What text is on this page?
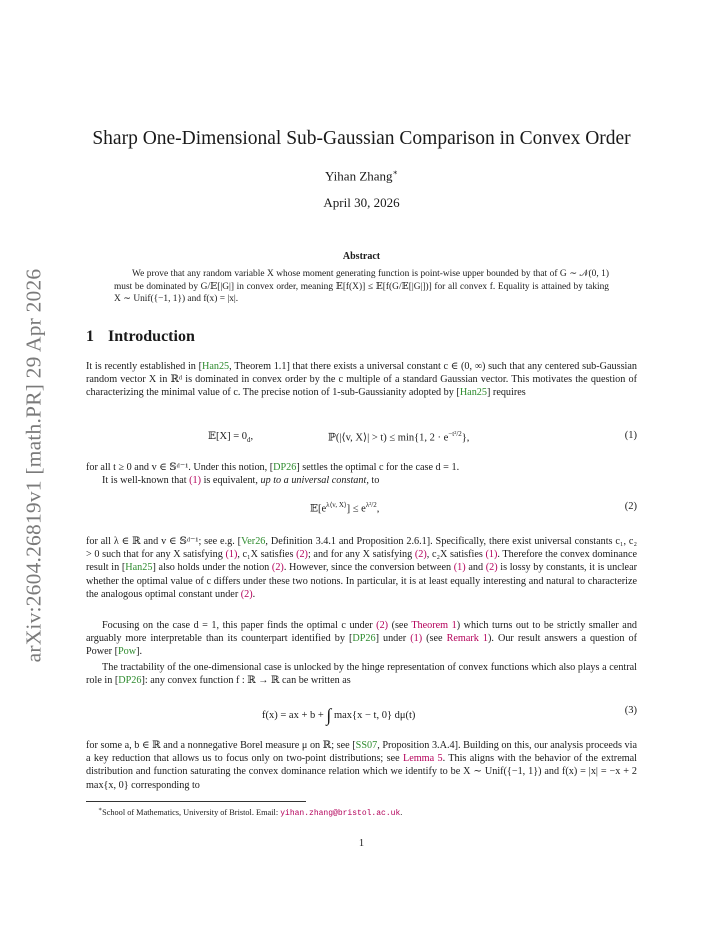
arXiv:2604.26819v1 [math.PR] 29 Apr 2026
Sharp One-Dimensional Sub-Gaussian Comparison in Convex Order
Yihan Zhang∗
April 30, 2026
Abstract
We prove that any random variable X whose moment generating function is point-wise upper bounded by that of G ∼ 𝒩(0, 1) must be dominated by G/𝔼[|G|] in convex order, meaning 𝔼[f(X)] ≤ 𝔼[f(G/𝔼[|G|])] for all convex f. Equality is attained by taking X ∼ Unif({−1, 1}) and f(x) = |x|.
1 Introduction

It is recently established in [Han25, Theorem 1.1] that there exists a universal constant c ∈ (0, ∞) such that any centered sub-Gaussian random vector X in ℝᵈ is dominated in convex order by the c multiple of a standard Gaussian vector. This motivates the question of characterizing the minimal value of c. The precise notion of 1-sub-Gaussianity adopted by [Han25] requires

𝔼[X] = $0_d$,	ℙ(|⟨v, X⟩| > t) ≤ min{1, $2 \cdot e^{-t^2/2}$},	(1)

for all t ≥ 0 and v ∈ 𝕊ᵈ⁻¹. Under this notion, [DP26] settles the optimal c for the case d = 1.

It is well-known that (1) is equivalent, up to a universal constant, to

$𝔼[e^{\lambda⟨v, X⟩}] \le e^{\lambda^2/2}$,	(2)

for all λ ∈ ℝ and v ∈ 𝕊ᵈ⁻¹; see e.g. [Ver26, Definition 3.4.1 and Proposition 2.6.1]. Specifically, there exist universal constants c₁, c₂ > 0 such that for any X satisfying (1), c₁X satisfies (2); and for any X satisfying (2), c₂X satisfies (1). Therefore the convex dominance result in [Han25] also holds under the notion (2). However, since the conversion between (1) and (2) is lossy by constants, it is unclear whether the optimal value of c differs under these two notions. In particular, it is at least equally interesting and natural to characterize the analogous optimal constant under (2).

Focusing on the case d = 1, this paper finds the optimal c under (2) (see Theorem 1) which turns out to be strictly smaller and arguably more interpretable than its counterpart identified by [DP26] under (1) (see Remark 1). Our result answers a question of Power [Pow].

The tractability of the one-dimensional case is unlocked by the hinge representation of convex functions which also plays a central role in [DP26]: any convex function f : ℝ → ℝ can be written as

f(x) = ax + b + ∫ max{x − t, 0} dμ(t)	(3)

for some a, b ∈ ℝ and a nonnegative Borel measure μ on ℝ; see [SS07, Proposition 3.A.4]. Building on this, our analysis proceeds via a key reduction that allows us to focus only on two-point distributions; see Lemma 5. This aligns with the behavior of the extremal distribution and function saturating the convex dominance relation which we identify to be X ∼ Unif({−1, 1}) and f(x) = |x| = −x + 2 max{x, 0} corresponding to

∗School of Mathematics, University of Bristol. Email: yihan.zhang@bristol.ac.uk.
1
